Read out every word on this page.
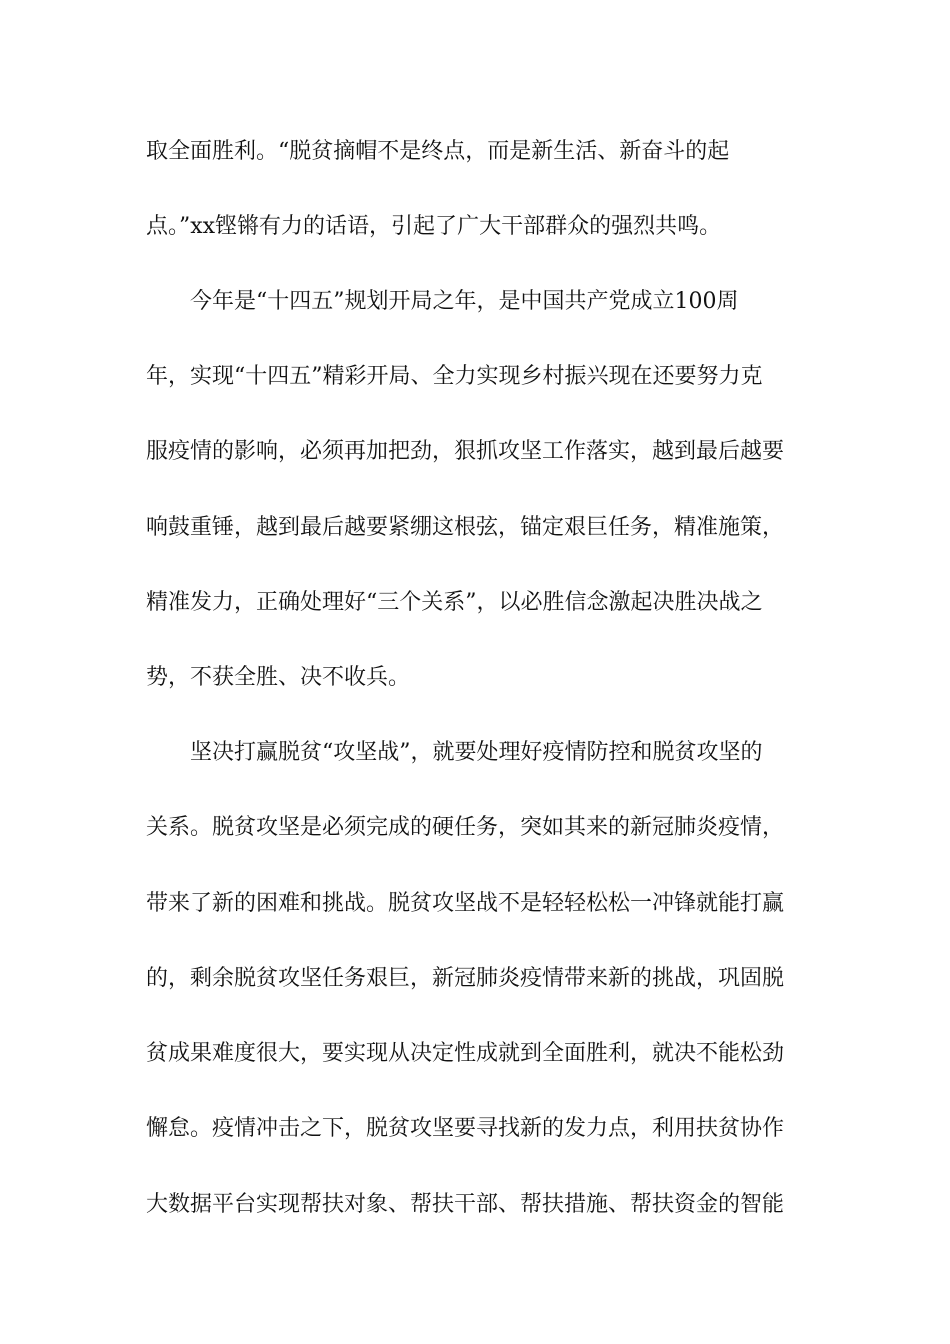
取全面胜利。“脱贫摘帽不是终点，而是新生活、新奋斗的起
点。”xx铿锵有力的话语，引起了广大干部群众的强烈共鸣。
今年是“十四五”规划开局之年，是中国共产党成立100周
年，实现“十四五”精彩开局、全力实现乡村振兴现在还要努力克
服疫情的影响，必须再加把劲，狠抓攻坚工作落实，越到最后越要
响鼓重锤，越到最后越要紧绷这根弦，锚定艰巨任务，精准施策，
精准发力，正确处理好“三个关系”，以必胜信念激起决胜决战之
势，不获全胜、决不收兵。
坚决打赢脱贫“攻坚战”，就要处理好疫情防控和脱贫攻坚的
关系。脱贫攻坚是必须完成的硬任务，突如其来的新冠肺炎疫情，
带来了新的困难和挑战。脱贫攻坚战不是轻轻松松一冲锋就能打赢
的，剩余脱贫攻坚任务艰巨，新冠肺炎疫情带来新的挑战，巩固脱
贫成果难度很大，要实现从决定性成就到全面胜利，就决不能松劲
懈怠。疫情冲击之下，脱贫攻坚要寻找新的发力点，利用扶贫协作
大数据平台实现帮扶对象、帮扶干部、帮扶措施、帮扶资金的智能
